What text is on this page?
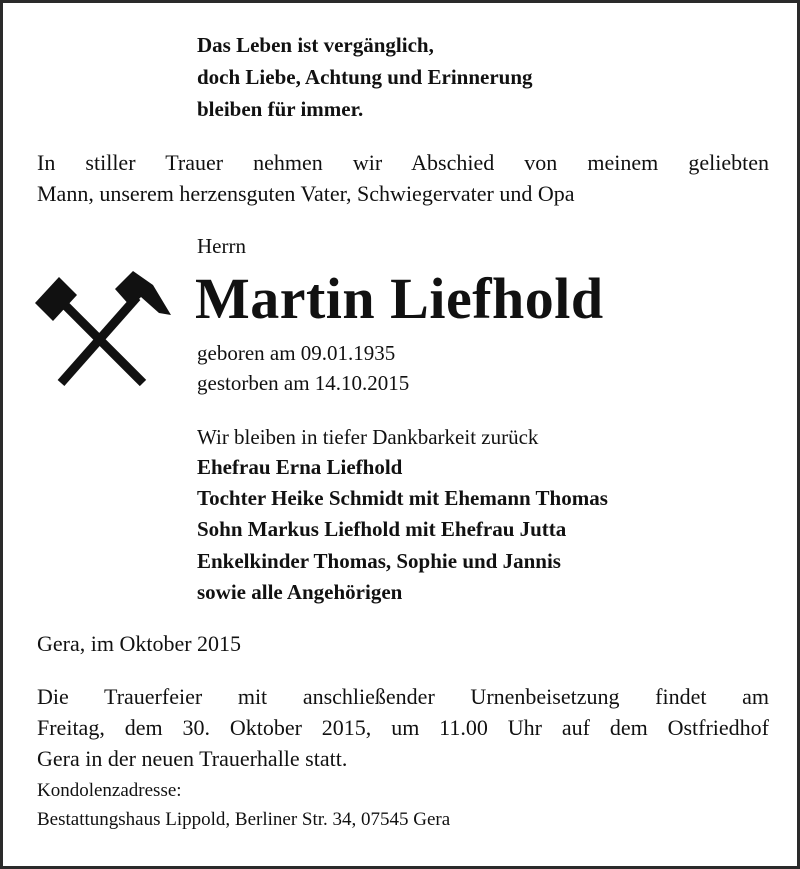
Das Leben ist vergänglich,
doch Liebe, Achtung und Erinnerung
bleiben für immer.
In stiller Trauer nehmen wir Abschied von meinem geliebten
Mann, unserem herzensguten Vater, Schwiegervater und Opa
Herrn
Martin Liefhold
geboren am 09.01.1935
gestorben am 14.10.2015
Wir bleiben in tiefer Dankbarkeit zurück
Ehefrau Erna Liefhold
Tochter Heike Schmidt mit Ehemann Thomas
Sohn Markus Liefhold mit Ehefrau Jutta
Enkelkinder Thomas, Sophie und Jannis
sowie alle Angehörigen
Gera, im Oktober 2015
Die Trauerfeier mit anschließender Urnenbeisetzung findet am
Freitag, dem 30. Oktober 2015, um 11.00 Uhr auf dem Ostfriedhof
Gera in der neuen Trauerhalle statt.
Kondolenzadresse:
Bestattungshaus Lippold, Berliner Str. 34, 07545 Gera
